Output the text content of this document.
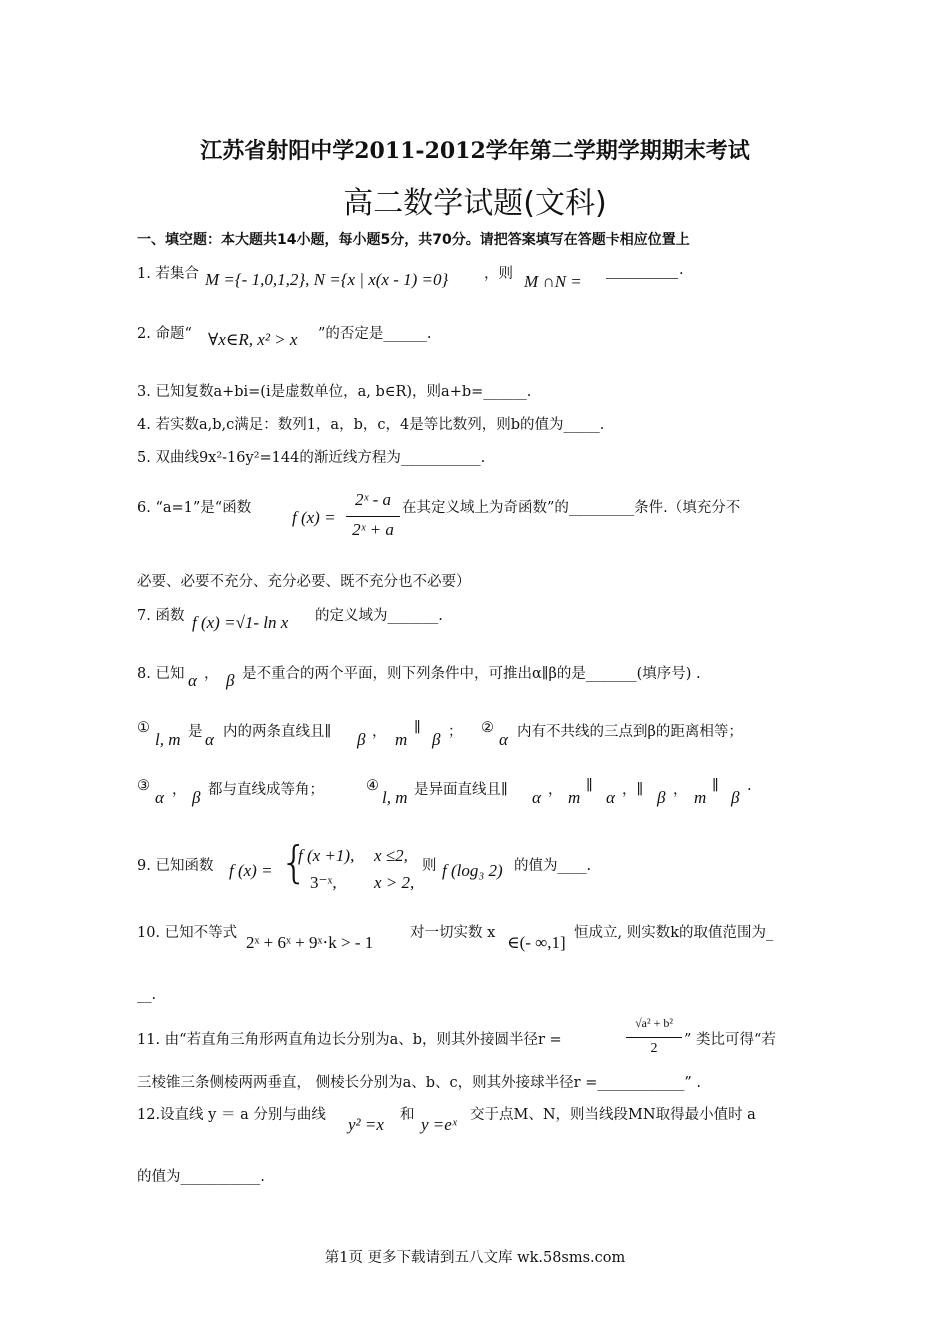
江苏省射阳中学2011-2012学年第二学期学期期末考试
高二数学试题(文科)
一、填空题：本大题共14小题，每小题5分，共70分。请把答案填写在答题卡相应位置上
1. 若集合 M ={- 1,0,1,2}, N ={x | x(x - 1) =0} ，则 M ∩N =
.
2. 命题“ ∀x∈R, x² > x ”的否定是______.
3. 已知复数a+bi=(i是虚数单位，a, b∈R)，则a+b=______.
4. 若实数a,b,c满足：数列1，a，b，c，4是等比数列，则b的值为_____.
5. 双曲线9x²-16y²=144的渐近线方程为___________.
6. “a=1”是“函数 f (x) =
2ˣ - a
2ˣ + a
在其定义域上为奇函数”的_________条件.（填充分不
必要、必要不充分、充分必要、既不充分也不必要）
7. 函数 f (x) =√1- ln x 的定义域为_______.
8. 已知 α ， β 是不重合的两个平面，则下列条件中，可推出α∥β的是_______(填序号) .
①
l, m 是 α 内的两条直线且∥ β ， m
∥
β ； ②
α 内有不共线的三点到β的距离相等；
③
α ， β 都与直线成等角；	④
l, m 是异面直线且∥ α ， m
∥
α ，∥ β ， m
∥
β
.
9. 已知函数 f (x) = {
f (x +1), x ≤2,
3⁻ˣ, x > 2,
则 f (log₃ 2) 的值为____.
10. 已知不等式 2ˣ + 6ˣ + 9ˣ⋅k > - 1	对一切实数 x ∈(- ∞,1] 恒成立, 则实数k的取值范围为_
__.
11. 由“若直角三角形两直角边长分别为a、b，则其外接圆半径r =
√a² + b²
2
” 类比可得“若
三棱锥三条侧棱两两垂直， 侧棱长分别为a、b、c，则其外接球半径r =____________” .
12.设直线 y ＝ a 分别与曲线 y² =x 和 y =eˣ 交于点M、N，则当线段MN取得最小值时 a
的值为___________.
第1页 更多下载请到五八文库 wk.58sms.com
